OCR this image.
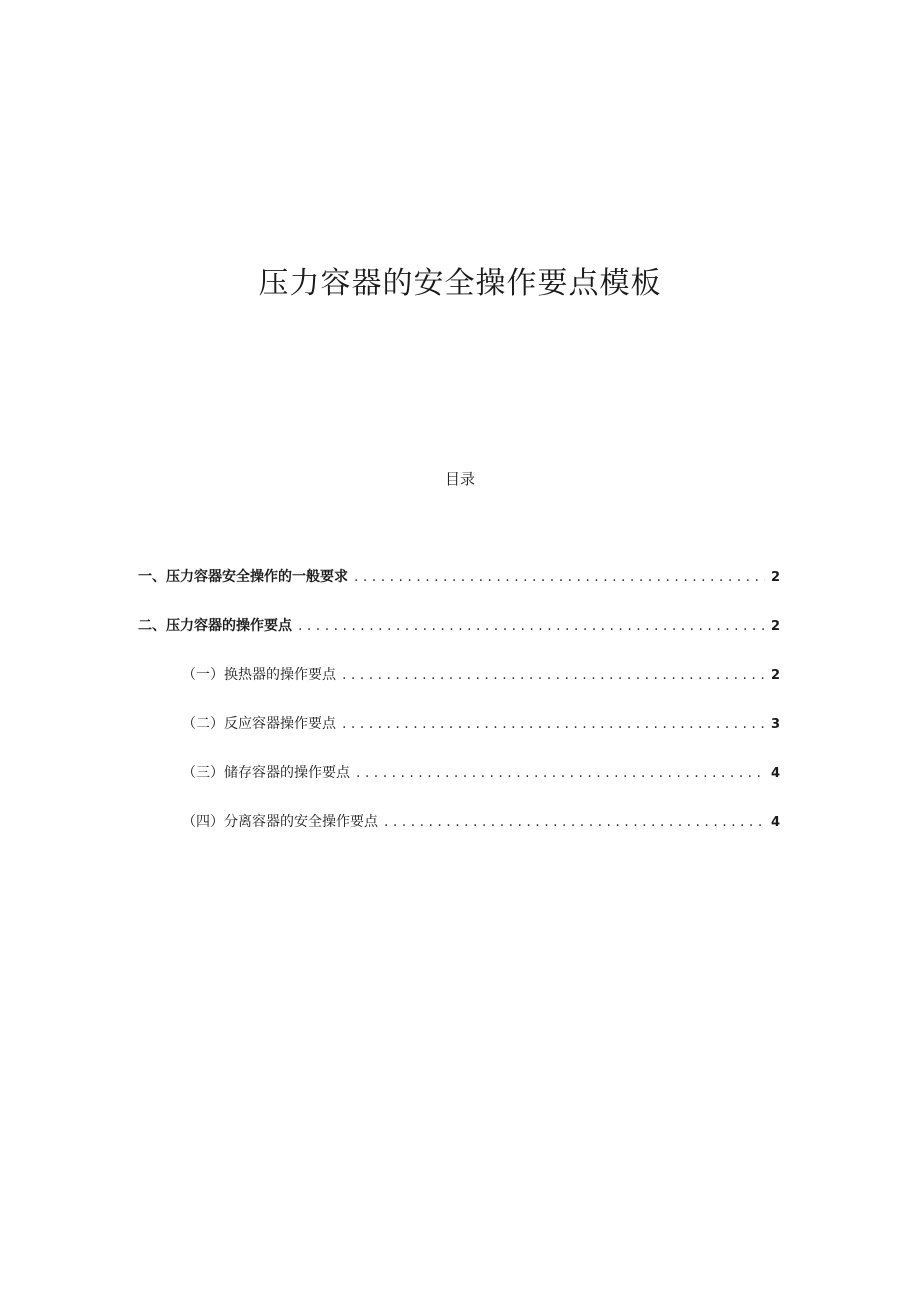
压力容器的安全操作要点模板
目录
一、压力容器安全操作的一般要求 . . .	2
二、压力容器的操作要点 . . .	2
（一）换热器的操作要点 . . .	2
（二）反应容器操作要点 . . .	3
（三）储存容器的操作要点 . . .	4
（四）分离容器的安全操作要点 . . .	4
